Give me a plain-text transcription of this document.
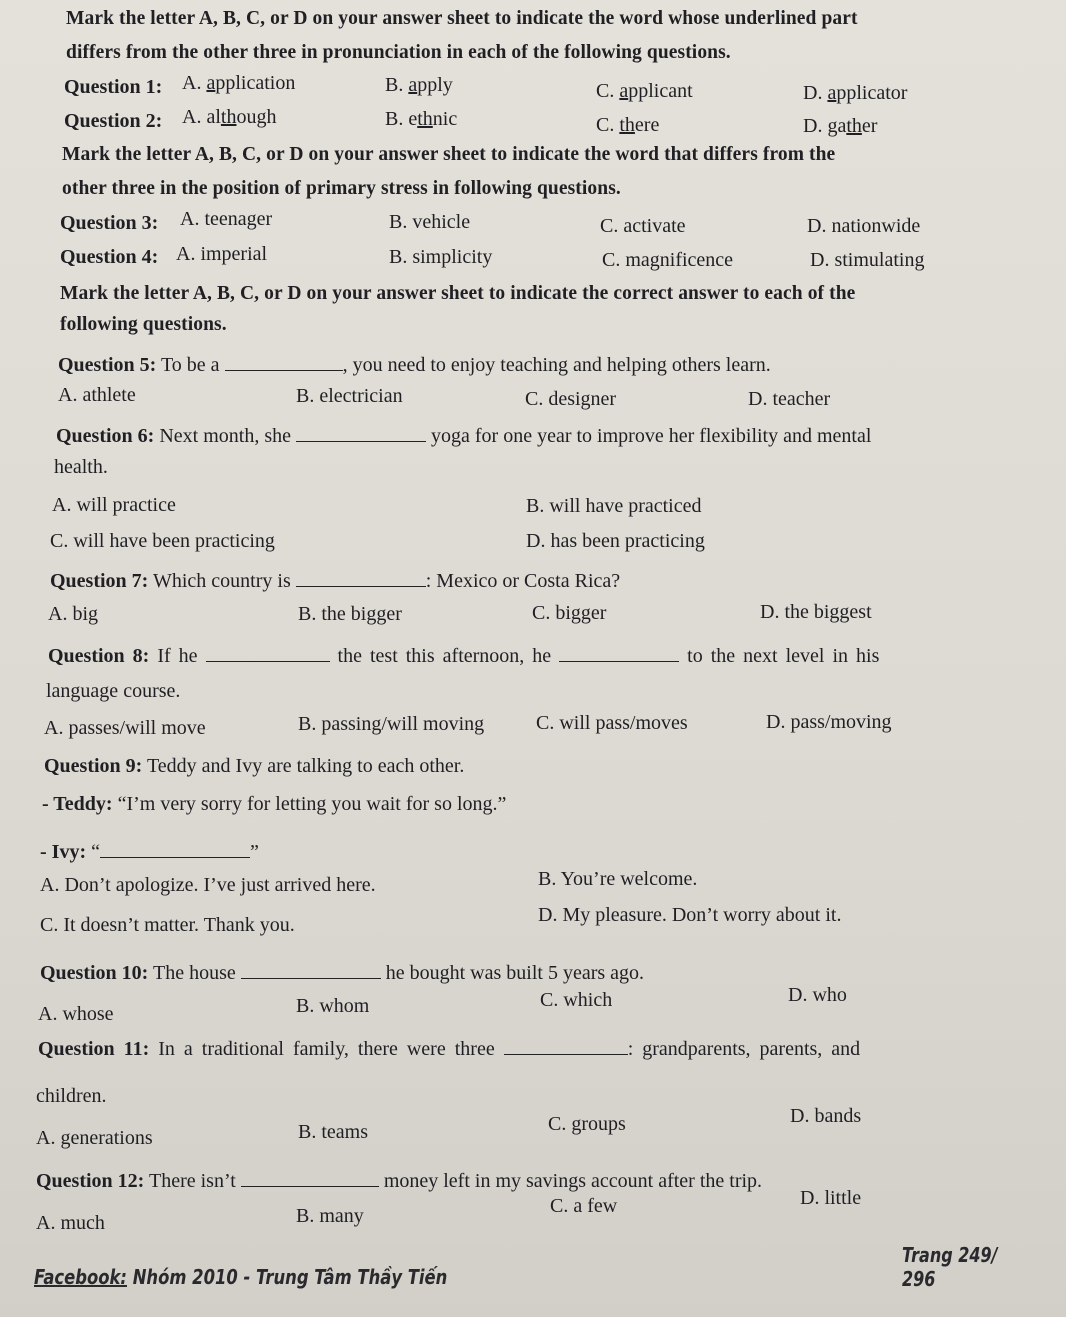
Mark the letter A, B, C, or D on your answer sheet to indicate the word whose underlined part
differs from the other three in pronunciation in each of the following questions.
Question 1: A. application	B. apply	C. applicant	D. applicator
Question 2: A. although	B. ethnic	C. there	D. gather
Mark the letter A, B, C, or D on your answer sheet to indicate the word that differs from the
other three in the position of primary stress in following questions.
Question 3: A. teenager	B. vehicle	C. activate	D. nationwide
Question 4: A. imperial	B. simplicity	C. magnificence	D. stimulating
Mark the letter A, B, C, or D on your answer sheet to indicate the correct answer to each of the
following questions.
Question 5: To be a	, you need to enjoy teaching and helping others learn.
A. athlete	B. electrician	C. designer	D. teacher
Question 6: Next month, she	yoga for one year to improve her flexibility and mental
health.
A. will practice	B. will have practiced
C. will have been practicing	D. has been practicing
Question 7: Which country is	: Mexico or Costa Rica?
A. big	B. the bigger	C. bigger	D. the biggest
Question 8: If he	the test this afternoon, he	to the next level in his
language course.
A. passes/will move	B. passing/will moving	C. will pass/moves	D. pass/moving
Question 9: Teddy and Ivy are talking to each other.
- Teddy: “I’m very sorry for letting you wait for so long.”
- Ivy: “	”
A. Don’t apologize. I’ve just arrived here.	B. You’re welcome.
C. It doesn’t matter. Thank you.	D. My pleasure. Don’t worry about it.
Question 10: The house	he bought was built 5 years ago.
A. whose	B. whom	C. which	D. who
Question 11: In a traditional family, there were three	: grandparents, parents, and
children.
A. generations	B. teams	C. groups	D. bands
Question 12: There isn’t	money left in my savings account after the trip.
A. much	B. many	C. a few	D. little
Facebook: Nhóm 2010 - Trung Tâm Thầy Tiến
Trang 249/ 296
